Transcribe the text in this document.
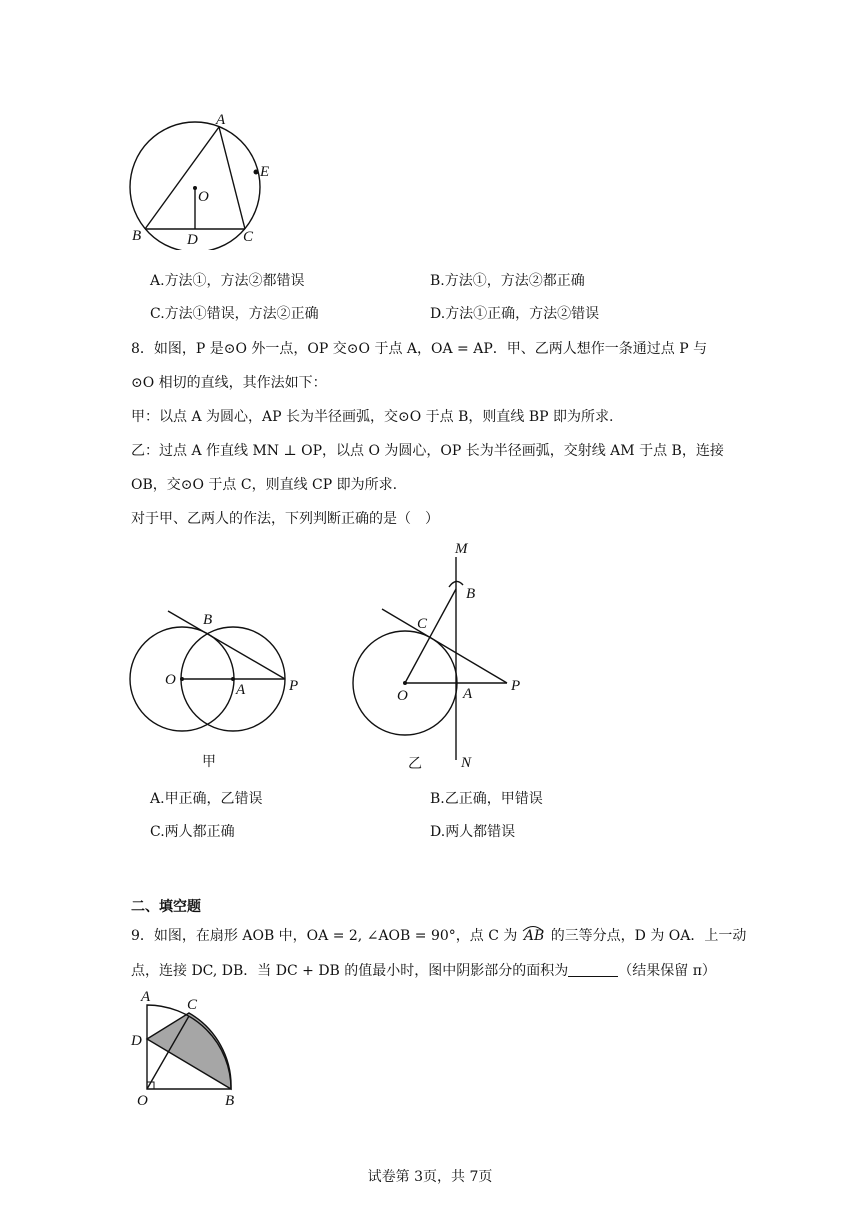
A
E
O
B	D	C
A.方法①，方法②都错误	B.方法①，方法②都正确
C.方法①错误，方法②正确	D.方法①正确，方法②错误
8．如图，P 是⊙O 外一点，OP 交⊙O 于点 A，OA = AP．甲、乙两人想作一条通过点 P 与
⊙O 相切的直线，其作法如下：
甲：以点 A 为圆心，AP 长为半径画弧，交⊙O 于点 B，则直线 BP 即为所求.
乙：过点 A 作直线 MN ⊥ OP，以点 O 为圆心，OP 长为半径画弧，交射线 AM 于点 B，连接
OB，交⊙O 于点 C，则直线 CP 即为所求.
对于甲、乙两人的作法，下列判断正确的是（　）
B
O
A	P
甲
M
B
C
O	A	P
N
乙
A.甲正确，乙错误	B.乙正确，甲错误
C.两人都正确	D.两人都错误
二、填空题
9．如图，在扇形 AOB 中，OA = 2, ∠AOB = 90°，点 C 为 AB 的三等分点，D 为 OA．上一动
点，连接 DC, DB．当 DC + DB 的值最小时，图中阴影部分的面积为	（结果保留 π）
A C
D
O	B
试卷第 3页，共 7页
